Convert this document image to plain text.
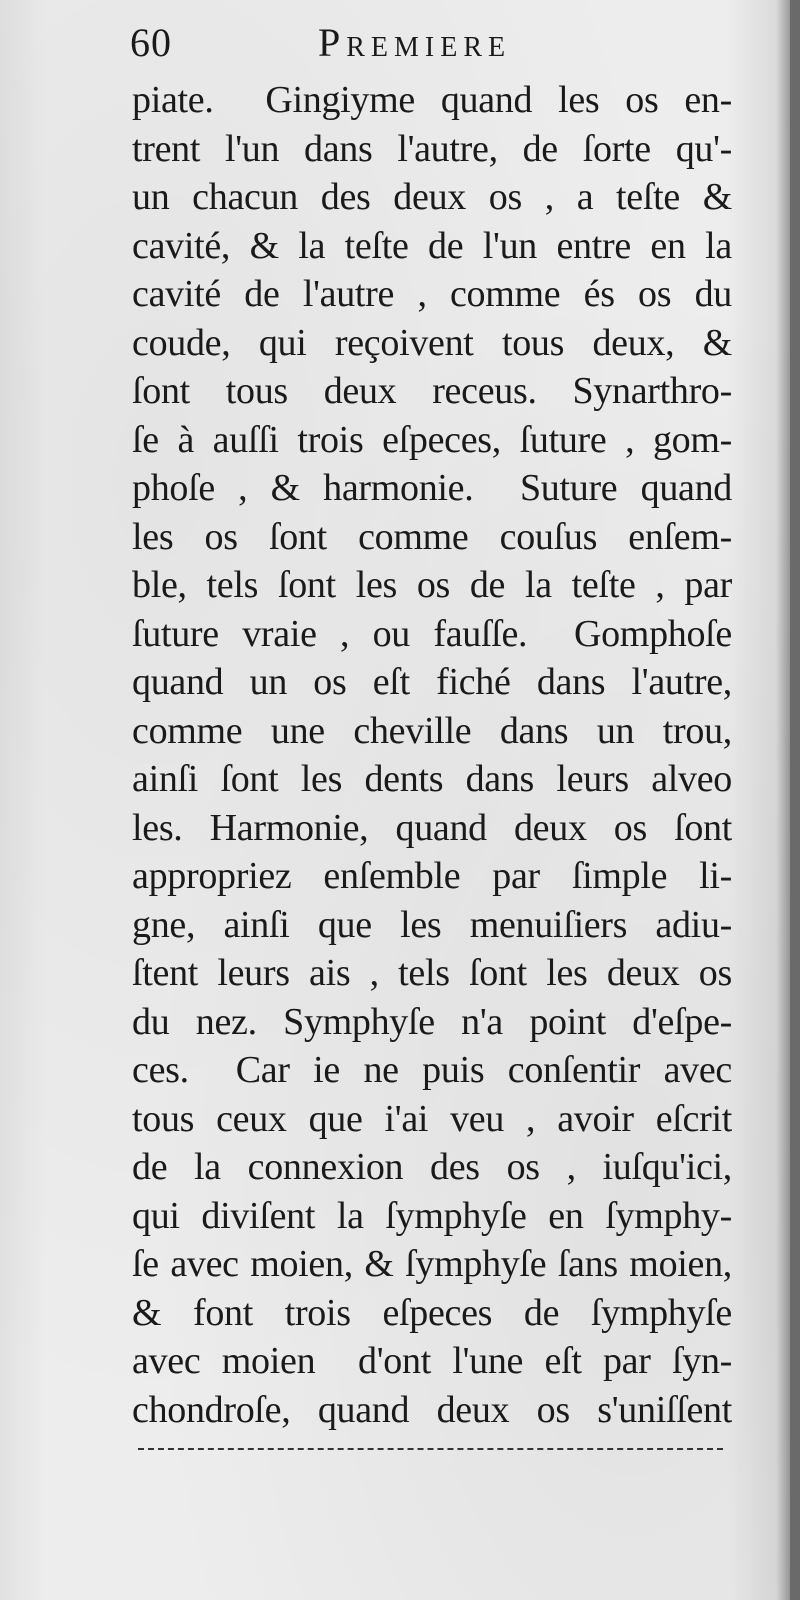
60	Premiere
piate.  Gingiyme quand les os en-
trent l'un dans l'autre, de ſorte qu'-
un chacun des deux os , a teſte &
cavité, & la teſte de l'un entre en la
cavité de l'autre , comme és os du
coude, qui reçoivent tous deux, &
ſont tous deux receus. Synarthro-
ſe à auſſi trois eſpeces, ſuture , gom-
phoſe , & harmonie.  Suture quand
les os ſont comme couſus enſem-
ble, tels ſont les os de la teſte , par
ſuture vraie , ou fauſſe.  Gomphoſe
quand un os eſt fiché dans l'autre,
comme une cheville dans un trou,
ainſi ſont les dents dans leurs alveo
les. Harmonie, quand deux os ſont
appropriez enſemble par ſimple li-
gne, ainſi que les menuiſiers adiu-
ſtent leurs ais , tels ſont les deux os
du nez. Symphyſe n'a point d'eſpe-
ces.  Car ie ne puis conſentir avec
tous ceux que i'ai veu , avoir eſcrit
de la connexion des os , iuſqu'ici,
qui diviſent la ſymphyſe en ſymphy-
ſe avec moien, & ſymphyſe ſans moien,
& font trois eſpeces de ſymphyſe
avec moien  d'ont l'une eſt par ſyn-
chondroſe, quand deux os s'uniſſent
